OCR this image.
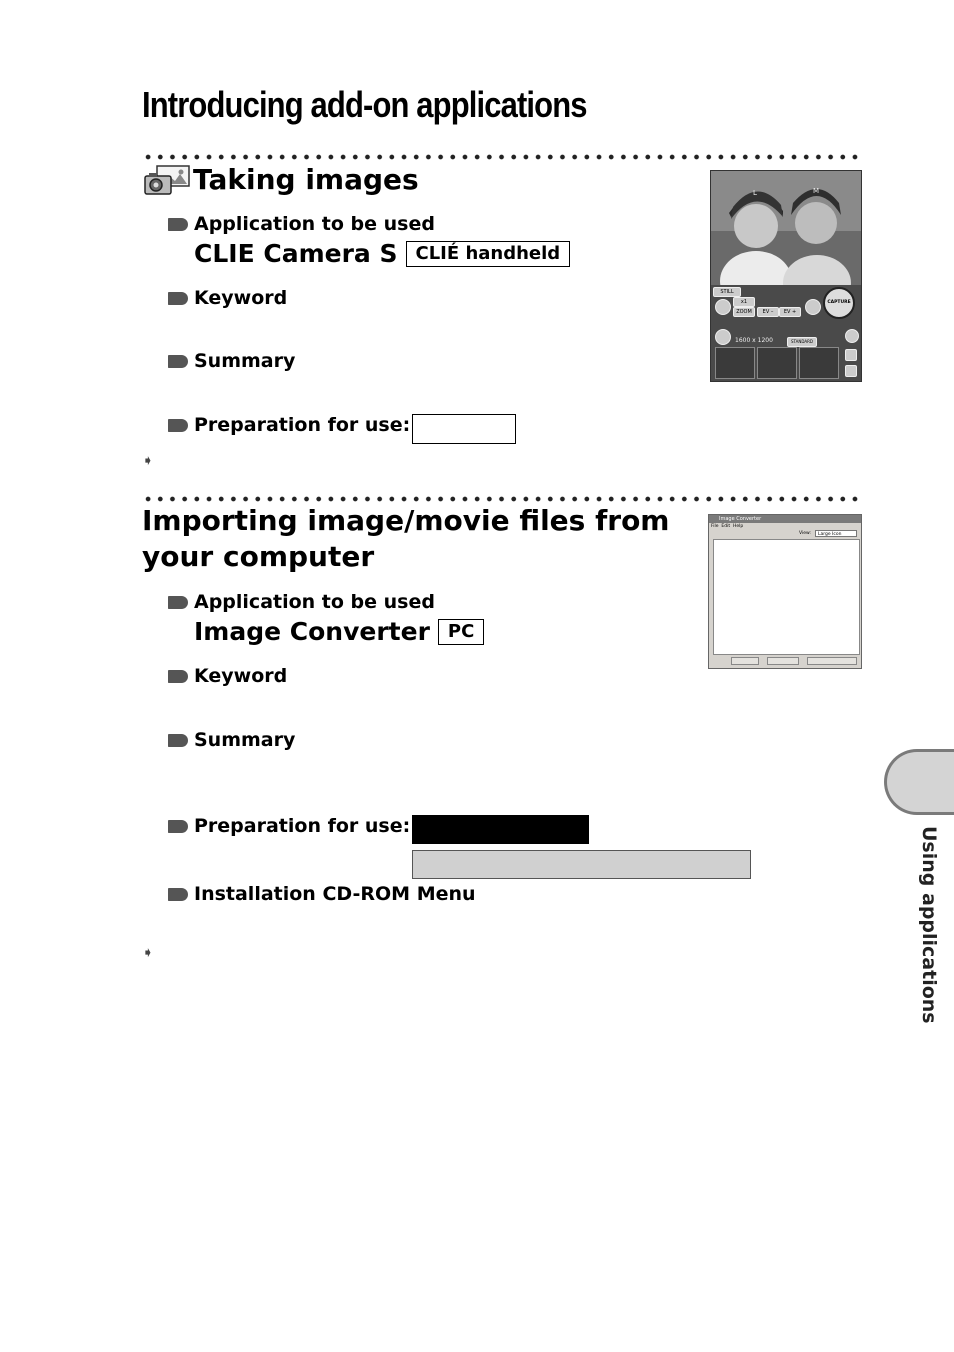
Introducing add-on applications
Taking images
Application to be used
CLIE Camera S	CLIÉ handheld
Keyword
Summary
Preparation for use:
➧
L	M
STILL
x1
ZOOM	EV –	EV +
CAPTURE
1600 x 1200	STANDARD
Importing image/movie files from
your computer
Application to be used
Image Converter	PC
Keyword
Summary
Preparation for use:
Installation CD-ROM Menu
➧
Image Converter
File Edit Help
View:	Large Icon
Using applications
